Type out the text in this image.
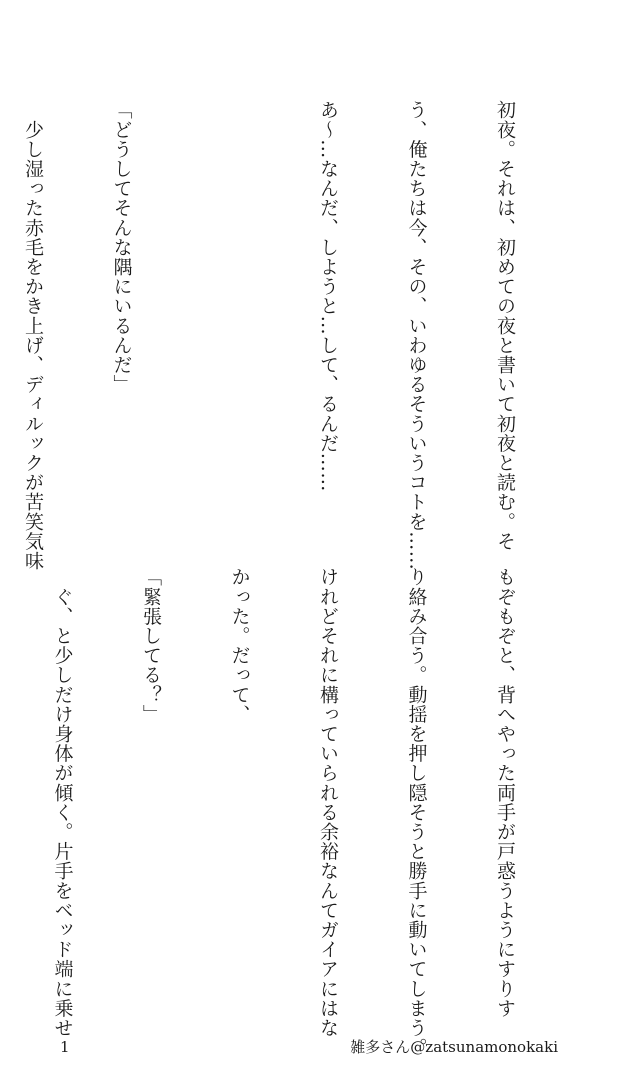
初夜。それは、初めての夜と書いて初夜と読む。そ

う、俺たちは今、その、いわゆるそういうコトを……

あ～…なんだ、しようと…して、るんだ……

「どうしてそんな隅にいるんだ」

　少し湿った赤毛をかき上げ、ディルックが苦笑気味

もぞもぞと、背へやった両手が戸惑うようにすりす

り絡み合う。動揺を押し隠そうと勝手に動いてしまう。

けれどそれに構っていられる余裕なんてガイアにはな

かった。だって、

「緊張してる？」

　ぐ、と少しだけ身体が傾く。片手をベッド端に乗せ

1	雑多さん@zatsunamonokaki
